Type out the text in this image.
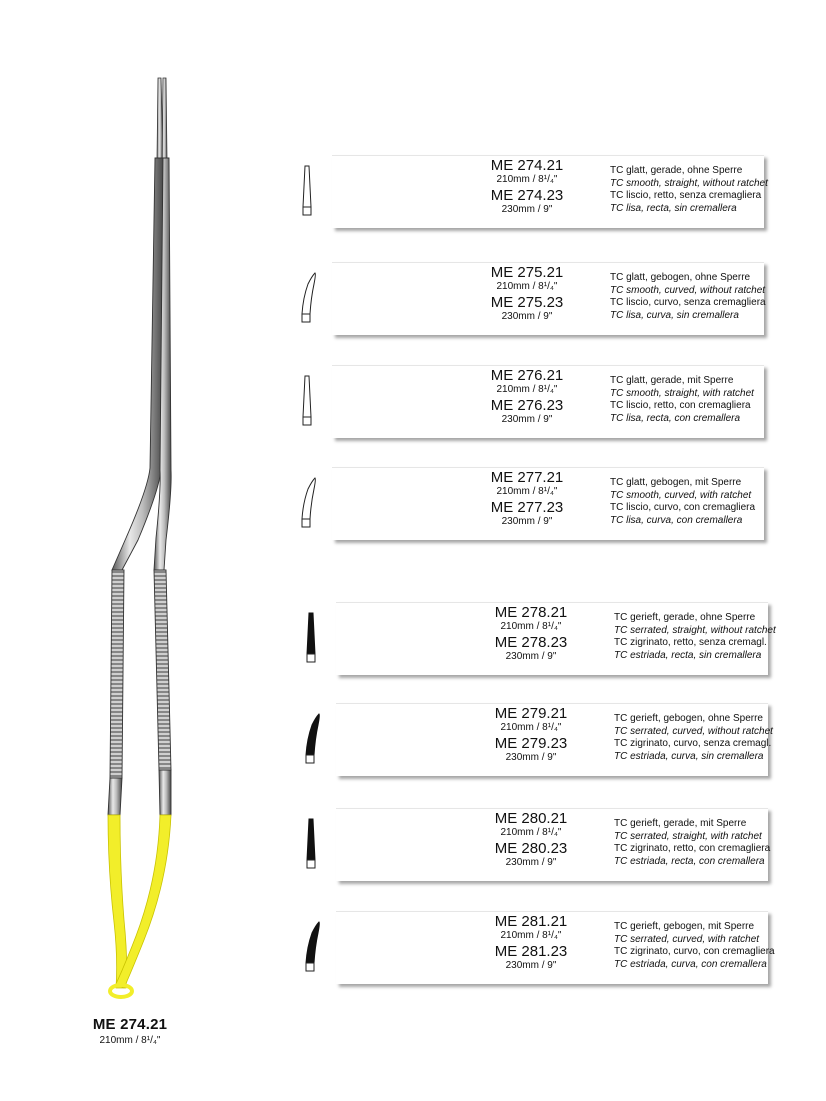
ME 274.21
210mm / 8¹/₄"
ME 274.21
210mm / 8¹/₄"
ME 274.23
230mm / 9"
TC glatt, gerade, ohne Sperre
TC smooth, straight, without ratchet
TC liscio, retto, senza cremagliera
TC lisa, recta, sin cremallera
ME 275.21
210mm / 8¹/₄"
ME 275.23
230mm / 9"
TC glatt, gebogen, ohne Sperre
TC smooth, curved, without ratchet
TC liscio, curvo, senza cremagliera
TC lisa, curva, sin cremallera
ME 276.21
210mm / 8¹/₄"
ME 276.23
230mm / 9"
TC glatt, gerade, mit Sperre
TC smooth, straight, with ratchet
TC liscio, retto, con cremagliera
TC lisa, recta, con cremallera
ME 277.21
210mm / 8¹/₄"
ME 277.23
230mm / 9"
TC glatt, gebogen, mit Sperre
TC smooth, curved, with ratchet
TC liscio, curvo, con cremagliera
TC lisa, curva, con cremallera
ME 278.21
210mm / 8¹/₄"
ME 278.23
230mm / 9"
TC gerieft, gerade, ohne Sperre
TC serrated, straight, without ratchet
TC zigrinato, retto, senza cremagl.
TC estriada, recta, sin cremallera
ME 279.21
210mm / 8¹/₄"
ME 279.23
230mm / 9"
TC gerieft, gebogen, ohne Sperre
TC serrated, curved, without ratchet
TC zigrinato, curvo, senza cremagl.
TC estriada, curva, sin cremallera
ME 280.21
210mm / 8¹/₄"
ME 280.23
230mm / 9"
TC gerieft, gerade, mit Sperre
TC serrated, straight, with ratchet
TC zigrinato, retto, con cremagliera
TC estriada, recta, con cremallera
ME 281.21
210mm / 8¹/₄"
ME 281.23
230mm / 9"
TC gerieft, gebogen, mit Sperre
TC serrated, curved, with ratchet
TC zigrinato, curvo, con cremagliera
TC estriada, curva, con cremallera
